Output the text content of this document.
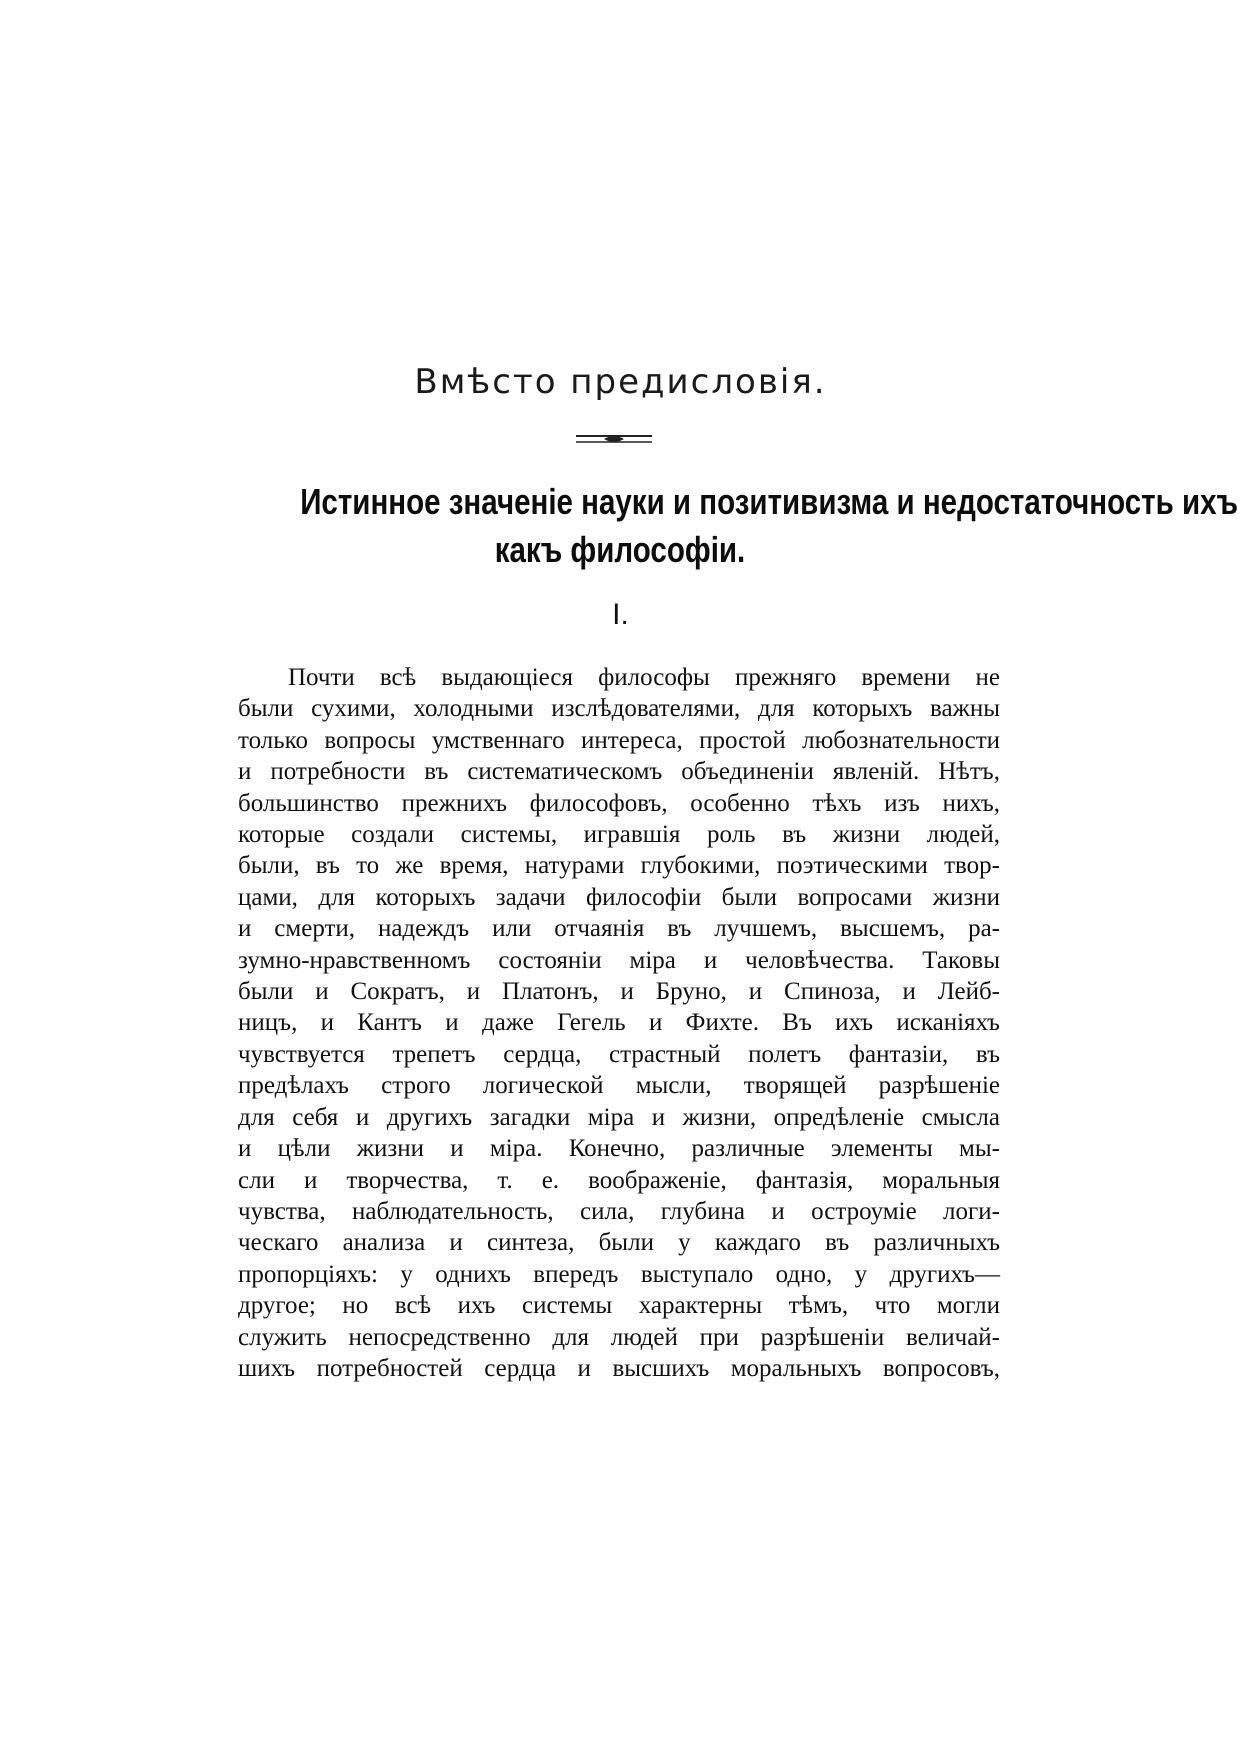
Вмѣсто предисловія.
Истинное значеніе науки и позитивизма и недостаточность ихъ
какъ философіи.
I.
Почти всѣ выдающіеся философы прежняго времени не
были сухими, холодными изслѣдователями, для которыхъ важны
только вопросы умственнаго интереса, простой любознательности
и потребности въ систематическомъ объединеніи явленій. Нѣтъ,
большинство прежнихъ философовъ, особенно тѣхъ изъ нихъ,
которые создали системы, игравшія роль въ жизни людей,
были, въ то же время, натурами глубокими, поэтическими твор-
цами, для которыхъ задачи философіи были вопросами жизни
и смерти, надеждъ или отчаянія въ лучшемъ, высшемъ, ра-
зумно-нравственномъ состояніи міра и человѣчества. Таковы
были и Сократъ, и Платонъ, и Бруно, и Спинозa, и Лейб-
ницъ, и Кантъ и даже Гегель и Фихте. Въ ихъ исканіяхъ
чувствуется трепетъ сердца, страстный полетъ фантазіи, въ
предѣлахъ строго логической мысли, творящей разрѣшеніе
для себя и другихъ загадки міра и жизни, опредѣленіе смысла
и цѣли жизни и міра. Конечно, различные элементы мы-
сли и творчества, т. е. воображеніе, фантазія, моральныя
чувства, наблюдательность, сила, глубина и остроуміе логи-
ческаго анализа и синтеза, были у каждаго въ различныхъ
пропорціяхъ: у однихъ впередъ выступало одно, у другихъ—
другое; но всѣ ихъ системы характерны тѣмъ, что могли
служить непосредственно для людей при разрѣшеніи величай-
шихъ потребностей сердца и высшихъ моральныхъ вопросовъ,
